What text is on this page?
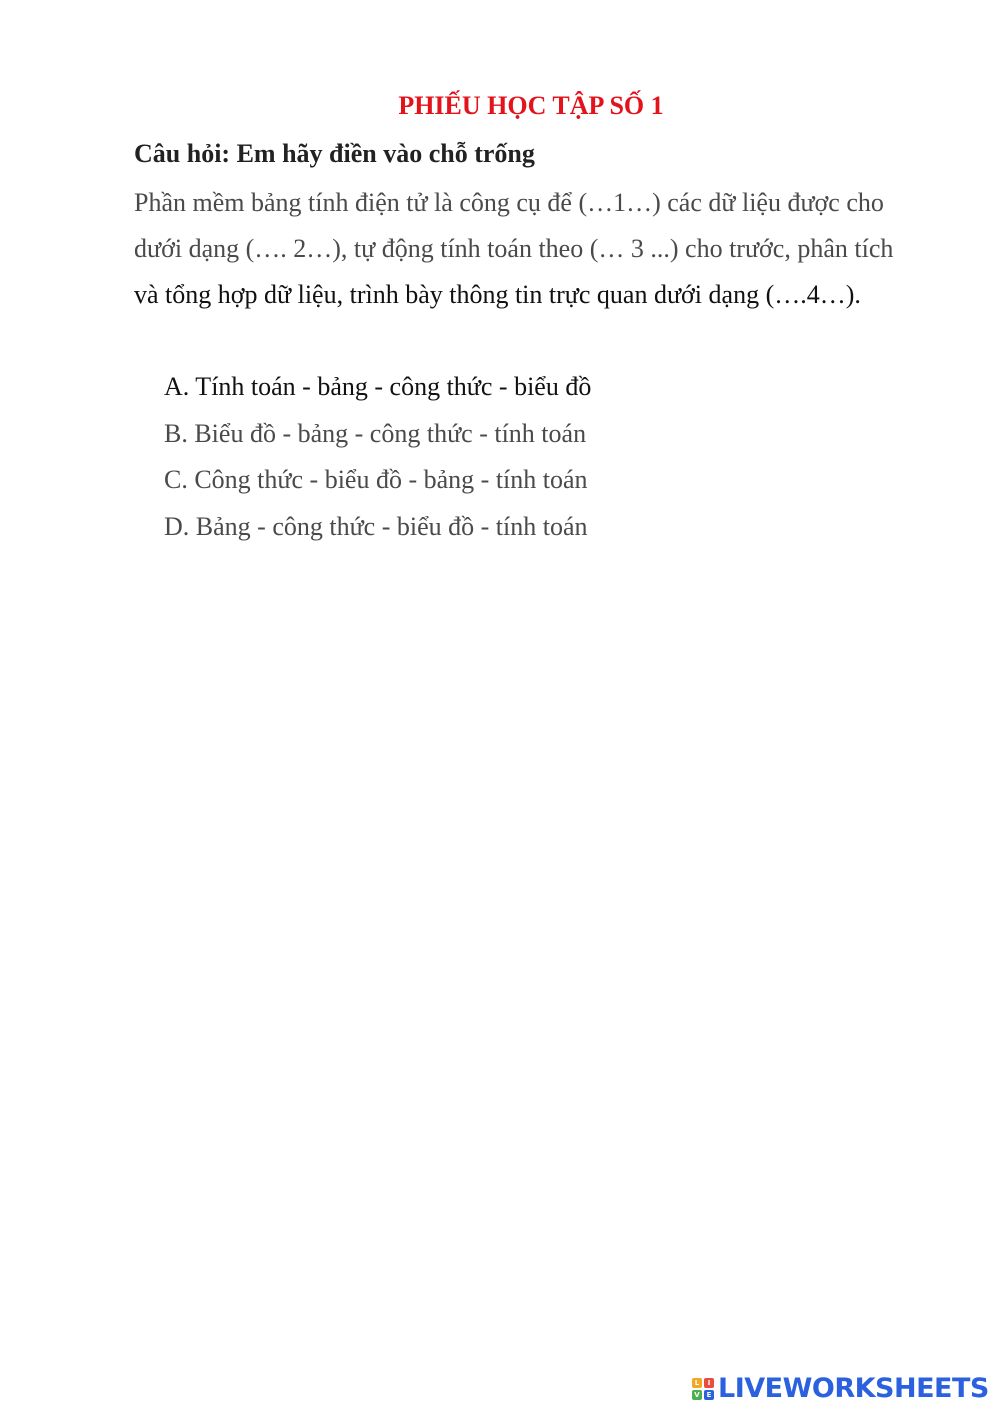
PHIẾU HỌC TẬP SỐ 1
Câu hỏi: Em hãy điền vào chỗ trống
Phần mềm bảng tính điện tử là công cụ để (…1…) các dữ liệu được cho
dưới dạng (…. 2…), tự động tính toán theo (… 3 ...) cho trước, phân tích
và tổng hợp dữ liệu, trình bày thông tin trực quan dưới dạng (….4…).
A. Tính toán - bảng - công thức - biểu đồ
B. Biểu đồ - bảng - công thức - tính toán
C. Công thức - biểu đồ - bảng - tính toán
D. Bảng - công thức - biểu đồ - tính toán
L	I
V E LIVEWORKSHEETS
